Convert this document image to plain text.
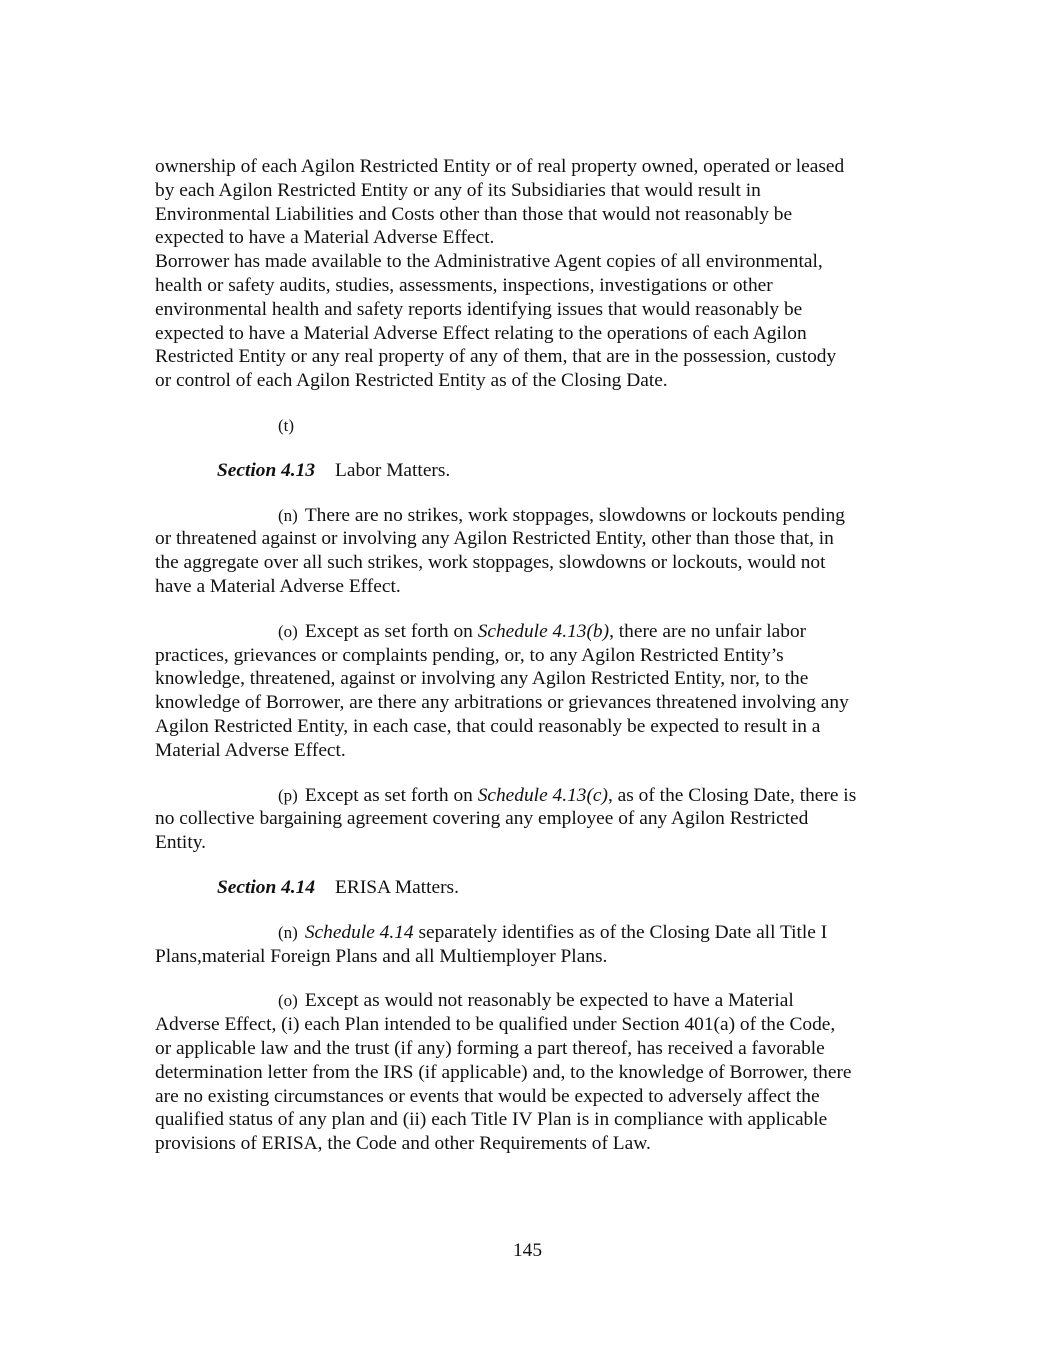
ownership of each Agilon Restricted Entity or of real property owned, operated or leased
by each Agilon Restricted Entity or any of its Subsidiaries that would result in
Environmental Liabilities and Costs other than those that would not reasonably be
expected to have a Material Adverse Effect.
Borrower has made available to the Administrative Agent copies of all environmental,
health or safety audits, studies, assessments, inspections, investigations or other
environmental health and safety reports identifying issues that would reasonably be
expected to have a Material Adverse Effect relating to the operations of each Agilon
Restricted Entity or any real property of any of them, that are in the possession, custody
or control of each Agilon Restricted Entity as of the Closing Date.
(t)
Section 4.13 Labor Matters.
(n) There are no strikes, work stoppages, slowdowns or lockouts pending
or threatened against or involving any Agilon Restricted Entity, other than those that, in
the aggregate over all such strikes, work stoppages, slowdowns or lockouts, would not
have a Material Adverse Effect.
(o) Except as set forth on Schedule 4.13(b), there are no unfair labor
practices, grievances or complaints pending, or, to any Agilon Restricted Entity’s
knowledge, threatened, against or involving any Agilon Restricted Entity, nor, to the
knowledge of Borrower, are there any arbitrations or grievances threatened involving any
Agilon Restricted Entity, in each case, that could reasonably be expected to result in a
Material Adverse Effect.
(p) Except as set forth on Schedule 4.13(c), as of the Closing Date, there is
no collective bargaining agreement covering any employee of any Agilon Restricted
Entity.
Section 4.14 ERISA Matters.
(n) Schedule 4.14 separately identifies as of the Closing Date all Title I
Plans,material Foreign Plans and all Multiemployer Plans.
(o) Except as would not reasonably be expected to have a Material
Adverse Effect, (i) each Plan intended to be qualified under Section 401(a) of the Code,
or applicable law and the trust (if any) forming a part thereof, has received a favorable
determination letter from the IRS (if applicable) and, to the knowledge of Borrower, there
are no existing circumstances or events that would be expected to adversely affect the
qualified status of any plan and (ii) each Title IV Plan is in compliance with applicable
provisions of ERISA, the Code and other Requirements of Law.
145
